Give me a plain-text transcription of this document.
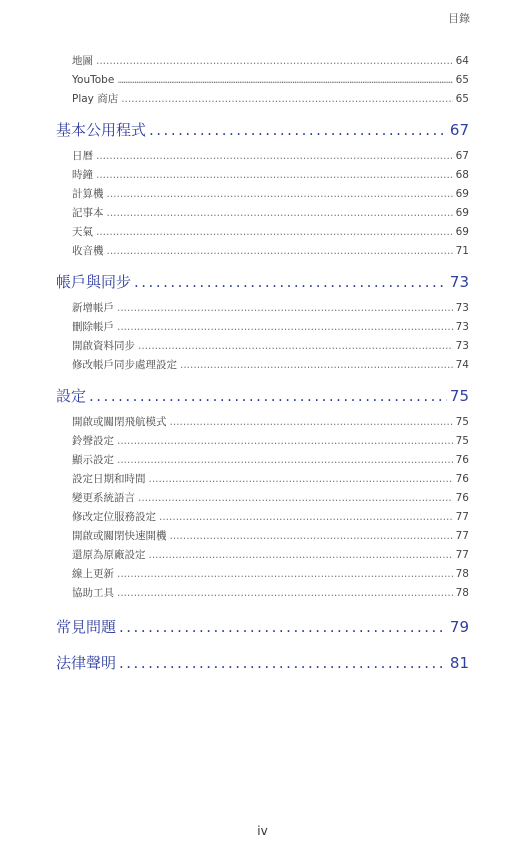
目錄
地圖 .....	64
YouTobe .....	65
Play 商店 .....	65
基本公用程式 .....	67
日曆 .....	67
時鐘 .....	68
計算機 .....	69
記事本 .....	69
天氣 .....	69
收音機 .....	71
帳戶與同步 .....	73
新增帳戶 .....	73
刪除帳戶 .....	73
開啟資料同步 .....	73
修改帳戶同步處理設定 .....	74
設定 .....	75
開啟或關閉飛航模式 .....	75
鈴聲設定 .....	75
顯示設定 .....	76
設定日期和時間 .....	76
變更系統語言 .....	76
修改定位服務設定 .....	77
開啟或關閉快速開機 .....	77
還原為原廠設定 .....	77
線上更新 .....	78
協助工具 .....	78
常見問題 .....	79
法律聲明 .....	81
iv
